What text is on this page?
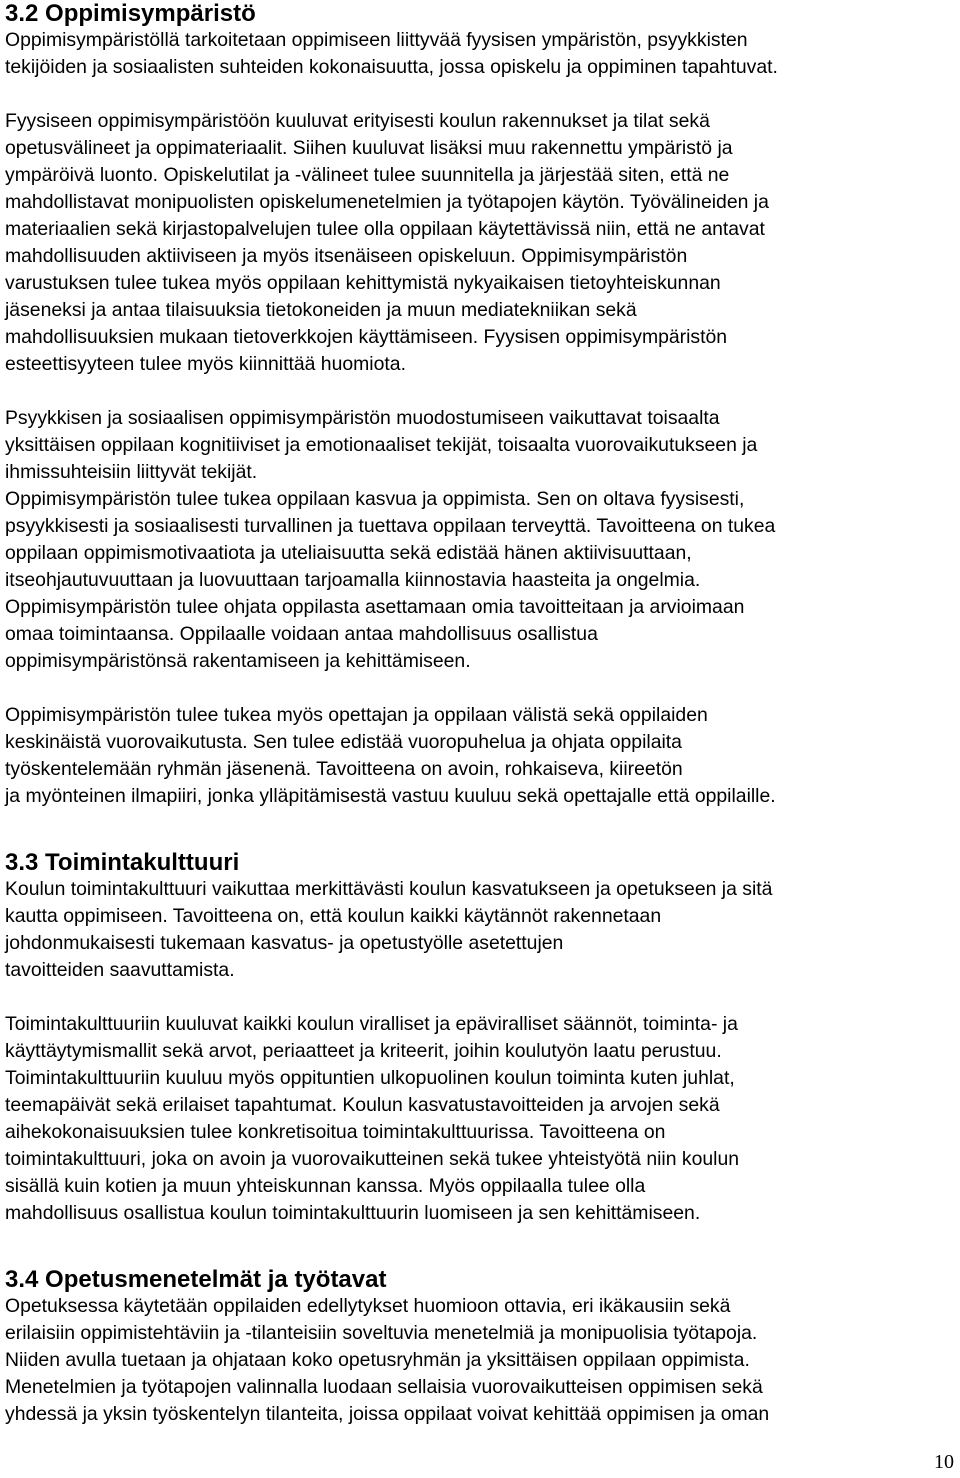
3.2 Oppimisympäristö
Oppimisympäristöllä tarkoitetaan oppimiseen liittyvää fyysisen ympäristön, psyykkisten
tekijöiden ja sosiaalisten suhteiden kokonaisuutta, jossa opiskelu ja oppiminen tapahtuvat.
Fyysiseen oppimisympäristöön kuuluvat erityisesti koulun rakennukset ja tilat sekä
opetusvälineet ja oppimateriaalit. Siihen kuuluvat lisäksi muu rakennettu ympäristö ja
ympäröivä luonto. Opiskelutilat ja -välineet tulee suunnitella ja järjestää siten, että ne
mahdollistavat monipuolisten opiskelumenetelmien ja työtapojen käytön. Työvälineiden ja
materiaalien sekä kirjastopalvelujen tulee olla oppilaan käytettävissä niin, että ne antavat
mahdollisuuden aktiiviseen ja myös itsenäiseen opiskeluun. Oppimisympäristön
varustuksen tulee tukea myös oppilaan kehittymistä nykyaikaisen tietoyhteiskunnan
jäseneksi ja antaa tilaisuuksia tietokoneiden ja muun mediatekniikan sekä
mahdollisuuksien mukaan tietoverkkojen käyttämiseen. Fyysisen oppimisympäristön
esteettisyyteen tulee myös kiinnittää huomiota.
Psyykkisen ja sosiaalisen oppimisympäristön muodostumiseen vaikuttavat toisaalta
yksittäisen oppilaan kognitiiviset ja emotionaaliset tekijät, toisaalta vuorovaikutukseen ja
ihmissuhteisiin liittyvät tekijät.
Oppimisympäristön tulee tukea oppilaan kasvua ja oppimista. Sen on oltava fyysisesti,
psyykkisesti ja sosiaalisesti turvallinen ja tuettava oppilaan terveyttä. Tavoitteena on tukea
oppilaan oppimismotivaatiota ja uteliaisuutta sekä edistää hänen aktiivisuuttaan,
itseohjautuvuuttaan ja luovuuttaan tarjoamalla kiinnostavia haasteita ja ongelmia.
Oppimisympäristön tulee ohjata oppilasta asettamaan omia tavoitteitaan ja arvioimaan
omaa toimintaansa. Oppilaalle voidaan antaa mahdollisuus osallistua
oppimisympäristönsä rakentamiseen ja kehittämiseen.
Oppimisympäristön tulee tukea myös opettajan ja oppilaan välistä sekä oppilaiden
keskinäistä vuorovaikutusta. Sen tulee edistää vuoropuhelua ja ohjata oppilaita
työskentelemään ryhmän jäsenenä. Tavoitteena on avoin, rohkaiseva, kiireetön
ja myönteinen ilmapiiri, jonka ylläpitämisestä vastuu kuuluu sekä opettajalle että oppilaille.
3.3 Toimintakulttuuri
Koulun toimintakulttuuri vaikuttaa merkittävästi koulun kasvatukseen ja opetukseen ja sitä
kautta oppimiseen. Tavoitteena on, että koulun kaikki käytännöt rakennetaan
johdonmukaisesti tukemaan kasvatus- ja opetustyölle asetettujen
tavoitteiden saavuttamista.
Toimintakulttuuriin kuuluvat kaikki koulun viralliset ja epäviralliset säännöt, toiminta- ja
käyttäytymismallit sekä arvot, periaatteet ja kriteerit, joihin koulutyön laatu perustuu.
Toimintakulttuuriin kuuluu myös oppituntien ulkopuolinen koulun toiminta kuten juhlat,
teemapäivät sekä erilaiset tapahtumat. Koulun kasvatustavoitteiden ja arvojen sekä
aihekokonaisuuksien tulee konkretisoitua toimintakulttuurissa. Tavoitteena on
toimintakulttuuri, joka on avoin ja vuorovaikutteinen sekä tukee yhteistyötä niin koulun
sisällä kuin kotien ja muun yhteiskunnan kanssa. Myös oppilaalla tulee olla
mahdollisuus osallistua koulun toimintakulttuurin luomiseen ja sen kehittämiseen.
3.4 Opetusmenetelmät ja työtavat
Opetuksessa käytetään oppilaiden edellytykset huomioon ottavia, eri ikäkausiin sekä
erilaisiin oppimistehtäviin ja -tilanteisiin soveltuvia menetelmiä ja monipuolisia työtapoja.
Niiden avulla tuetaan ja ohjataan koko opetusryhmän ja yksittäisen oppilaan oppimista.
Menetelmien ja työtapojen valinnalla luodaan sellaisia vuorovaikutteisen oppimisen sekä
yhdessä ja yksin työskentelyn tilanteita, joissa oppilaat voivat kehittää oppimisen ja oman
10
